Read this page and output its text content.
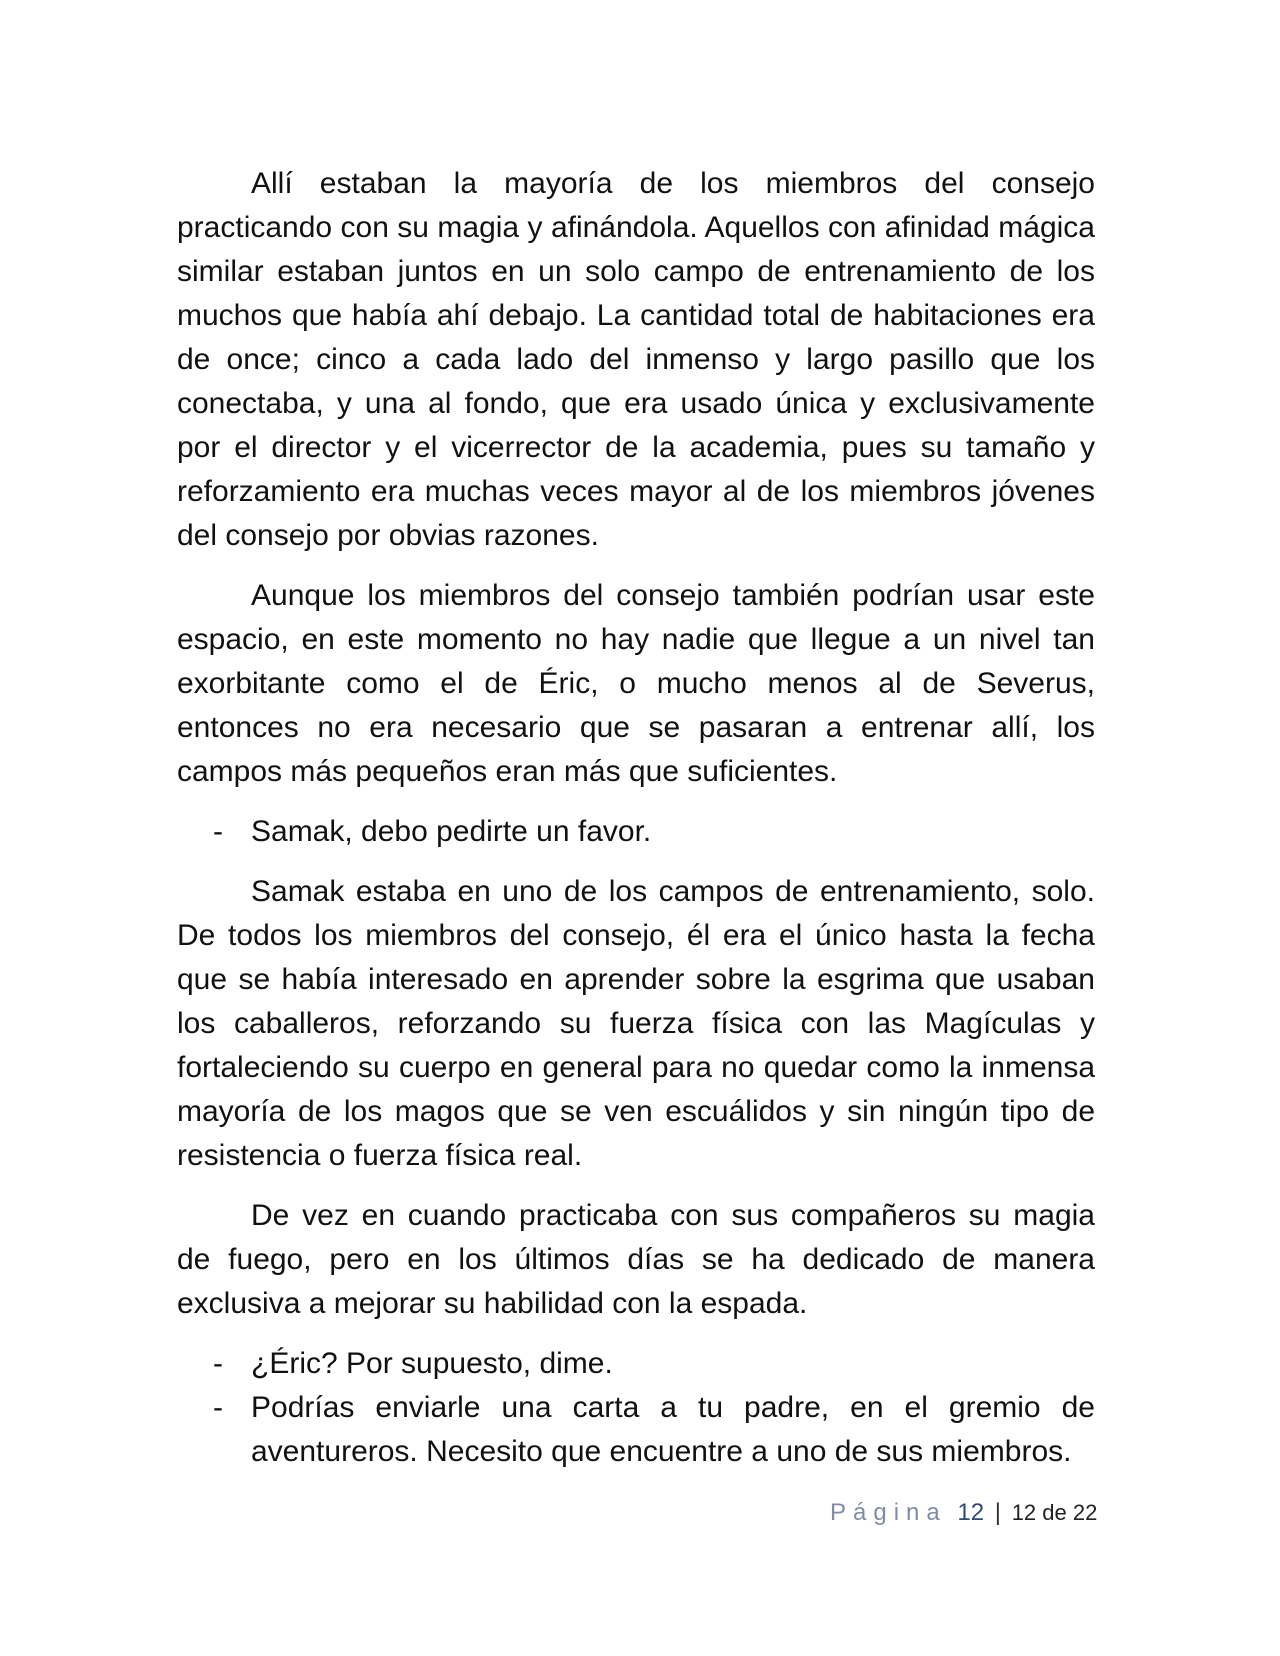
Allí estaban la mayoría de los miembros del consejo practicando con su magia y afinándola. Aquellos con afinidad mágica similar estaban juntos en un solo campo de entrenamiento de los muchos que había ahí debajo. La cantidad total de habitaciones era de once; cinco a cada lado del inmenso y largo pasillo que los conectaba, y una al fondo, que era usado única y exclusivamente por el director y el vicerrector de la academia, pues su tamaño y reforzamiento era muchas veces mayor al de los miembros jóvenes del consejo por obvias razones.

Aunque los miembros del consejo también podrían usar este espacio, en este momento no hay nadie que llegue a un nivel tan exorbitante como el de Éric, o mucho menos al de Severus, entonces no era necesario que se pasaran a entrenar allí, los campos más pequeños eran más que suficientes.

- Samak, debo pedirte un favor.

Samak estaba en uno de los campos de entrenamiento, solo. De todos los miembros del consejo, él era el único hasta la fecha que se había interesado en aprender sobre la esgrima que usaban los caballeros, reforzando su fuerza física con las Magículas y fortaleciendo su cuerpo en general para no quedar como la inmensa mayoría de los magos que se ven escuálidos y sin ningún tipo de resistencia o fuerza física real.

De vez en cuando practicaba con sus compañeros su magia de fuego, pero en los últimos días se ha dedicado de manera exclusiva a mejorar su habilidad con la espada.

- ¿Éric? Por supuesto, dime.
- Podrías enviarle una carta a tu padre, en el gremio de aventureros. Necesito que encuentre a uno de sus miembros.
Página 12 | 12 de 22
